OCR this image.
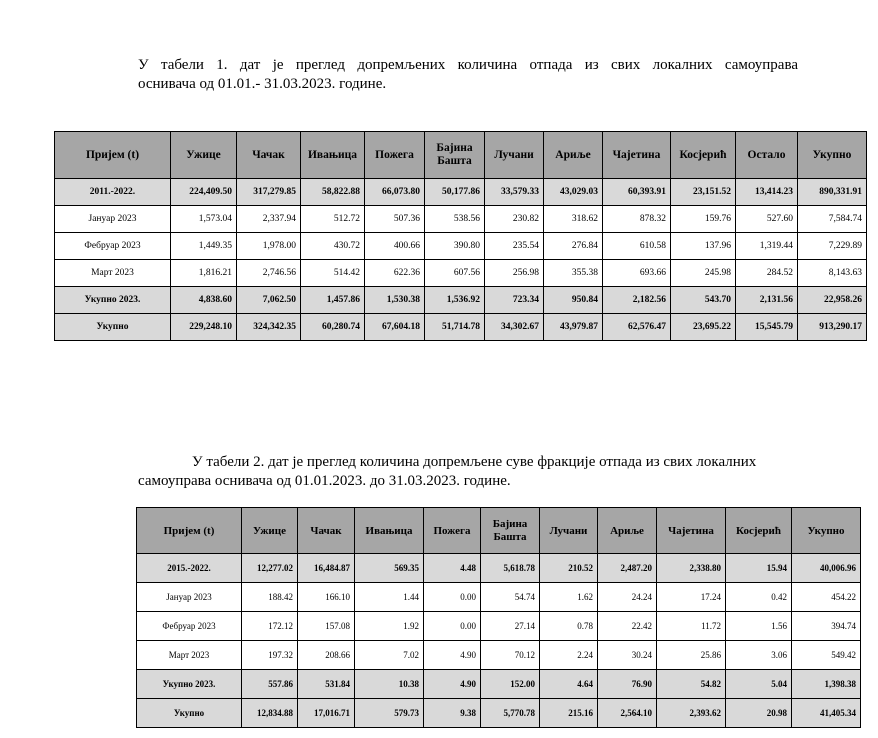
У табели 1. дат је преглед допремљених количина отпада из свих локалних самоуправа
оснивача од 01.01.- 31.03.2023. године.
Пријем (t)	Ужице	Чачак	Ивањица	Пожега	Бајина Башта	Лучани	Ариље	Чајетина	Косјерић	Остало	Укупно
2011.-2022.	224,409.50	317,279.85	58,822.88	66,073.80	50,177.86	33,579.33	43,029.03	60,393.91	23,151.52	13,414.23	890,331.91
Јануар 2023	1,573.04	2,337.94	512.72	507.36	538.56	230.82	318.62	878.32	159.76	527.60	7,584.74
Фебруар 2023	1,449.35	1,978.00	430.72	400.66	390.80	235.54	276.84	610.58	137.96	1,319.44	7,229.89
Март 2023	1,816.21	2,746.56	514.42	622.36	607.56	256.98	355.38	693.66	245.98	284.52	8,143.63
Укупно 2023.	4,838.60	7,062.50	1,457.86	1,530.38	1,536.92	723.34	950.84	2,182.56	543.70	2,131.56	22,958.26
Укупно	229,248.10	324,342.35	60,280.74	67,604.18	51,714.78	34,302.67	43,979.87	62,576.47	23,695.22	15,545.79	913,290.17
У табели 2. дат је преглед количина допремљене суве фракције отпада из свих локалних
самоуправа оснивача од 01.01.2023. до 31.03.2023. године.
Пријем (t)	Ужице	Чачак	Ивањица	Пожега	Бајина Башта	Лучани	Ариље	Чајетина	Косјерић	Укупно
2015.-2022.	12,277.02	16,484.87	569.35	4.48	5,618.78	210.52	2,487.20	2,338.80	15.94	40,006.96
Јануар 2023	188.42	166.10	1.44	0.00	54.74	1.62	24.24	17.24	0.42	454.22
Фебруар 2023	172.12	157.08	1.92	0.00	27.14	0.78	22.42	11.72	1.56	394.74
Март 2023	197.32	208.66	7.02	4.90	70.12	2.24	30.24	25.86	3.06	549.42
Укупно 2023.	557.86	531.84	10.38	4.90	152.00	4.64	76.90	54.82	5.04	1,398.38
Укупно	12,834.88	17,016.71	579.73	9.38	5,770.78	215.16	2,564.10	2,393.62	20.98	41,405.34
